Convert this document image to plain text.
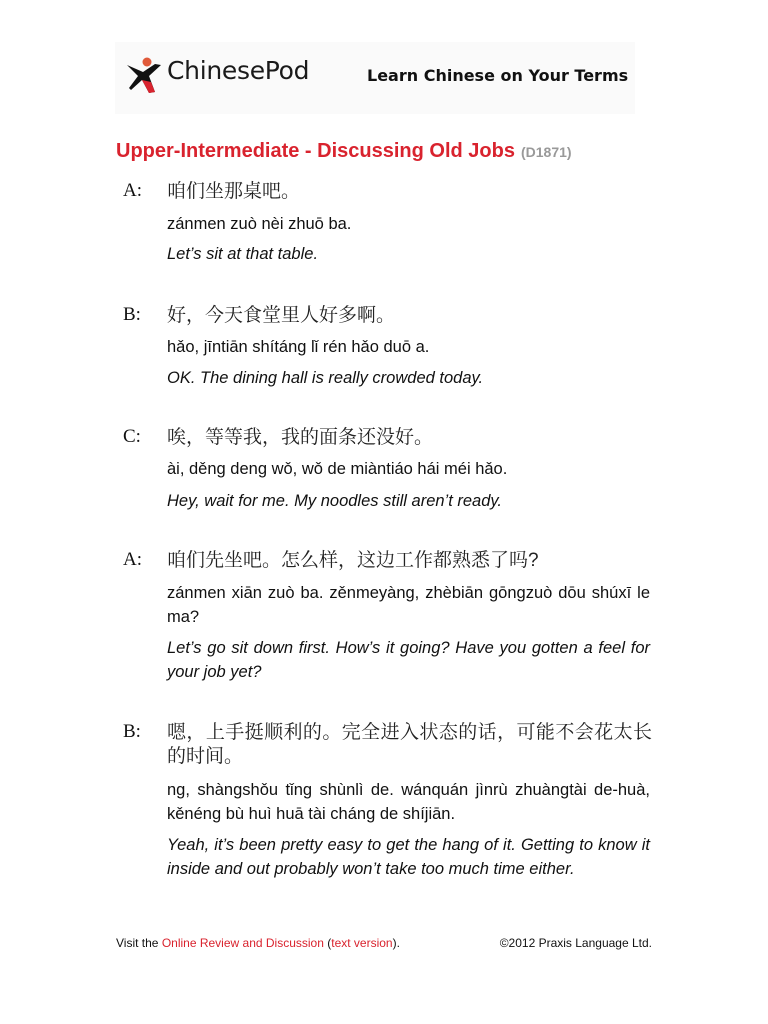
ChinesePod	Learn Chinese on Your Terms
Upper-Intermediate - Discussing Old Jobs (D1871)
A: 咱们坐那桌吧。
zánmen zuò nèi zhuō ba.
Let’s sit at that table.
B: 好，今天食堂里人好多啊。
hǎo, jīntiān shítáng lǐ rén hǎo duō a.
OK. The dining hall is really crowded today.
C: 唉，等等我，我的面条还没好。
ài, děng deng wǒ, wǒ de miàntiáo hái méi hǎo.
Hey, wait for me. My noodles still aren’t ready.
A: 咱们先坐吧。怎么样，这边工作都熟悉了吗?
zánmen xiān zuò ba. zěnmeyàng, zhèbiān gōngzuò dōu shúxī le ma?
Let’s go sit down first. How’s it going? Have you gotten a feel for your job yet?
B: 嗯，上手挺顺利的。完全进入状态的话，可能不会花太长的时间。
ng, shàngshǒu tǐng shùnlì de. wánquán jìnrù zhuàngtài de-huà, kěnéng bù huì huā tài cháng de shíjiān.
Yeah, it’s been pretty easy to get the hang of it. Getting to know it inside and out probably won’t take too much time either.
Visit the Online Review and Discussion (text version).	©2012 Praxis Language Ltd.
